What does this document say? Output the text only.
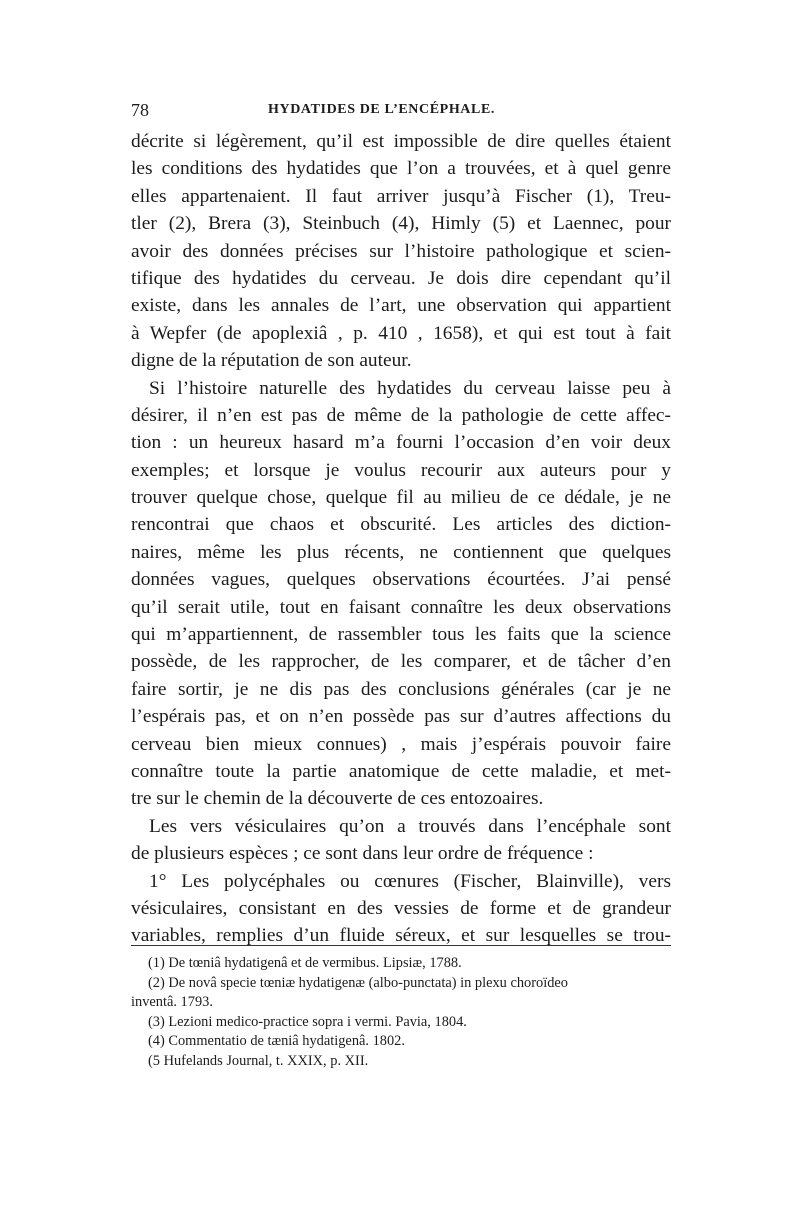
78	HYDATIDES DE L’ENCÉPHALE.
décrite si légèrement, qu’il est impossible de dire quelles étaient
les conditions des hydatides que l’on a trouvées, et à quel genre
elles appartenaient. Il faut arriver jusqu’à Fischer (1), Treu-
tler (2), Brera (3), Steinbuch (4), Himly (5) et Laennec, pour
avoir des données précises sur l’histoire pathologique et scien-
tifique des hydatides du cerveau. Je dois dire cependant qu’il
existe, dans les annales de l’art, une observation qui appartient
à Wepfer (de apoplexiâ , p. 410 , 1658), et qui est tout à fait
digne de la réputation de son auteur.
Si l’histoire naturelle des hydatides du cerveau laisse peu à
désirer, il n’en est pas de même de la pathologie de cette affec-
tion : un heureux hasard m’a fourni l’occasion d’en voir deux
exemples; et lorsque je voulus recourir aux auteurs pour y
trouver quelque chose, quelque fil au milieu de ce dédale, je ne
rencontrai que chaos et obscurité. Les articles des diction-
naires, même les plus récents, ne contiennent que quelques
données vagues, quelques observations écourtées. J’ai pensé
qu’il serait utile, tout en faisant connaître les deux observations
qui m’appartiennent, de rassembler tous les faits que la science
possède, de les rapprocher, de les comparer, et de tâcher d’en
faire sortir, je ne dis pas des conclusions générales (car je ne
l’espérais pas, et on n’en possède pas sur d’autres affections du
cerveau bien mieux connues) , mais j’espérais pouvoir faire
connaître toute la partie anatomique de cette maladie, et met-
tre sur le chemin de la découverte de ces entozoaires.
Les vers vésiculaires qu’on a trouvés dans l’encéphale sont
de plusieurs espèces ; ce sont dans leur ordre de fréquence :
1° Les polycéphales ou cœnures (Fischer, Blainville), vers
vésiculaires, consistant en des vessies de forme et de grandeur
variables, remplies d’un fluide séreux, et sur lesquelles se trou-
(1) De tœniâ hydatigenâ et de vermibus. Lipsiæ, 1788.
(2) De novâ specie tœniæ hydatigenæ (albo-punctata) in plexu choroïdeo
inventâ. 1793.
(3) Lezioni medico-practice sopra i vermi. Pavia, 1804.
(4) Commentatio de tæniâ hydatigenâ. 1802.
(5 Hufelands Journal, t. XXIX, p. XII.
